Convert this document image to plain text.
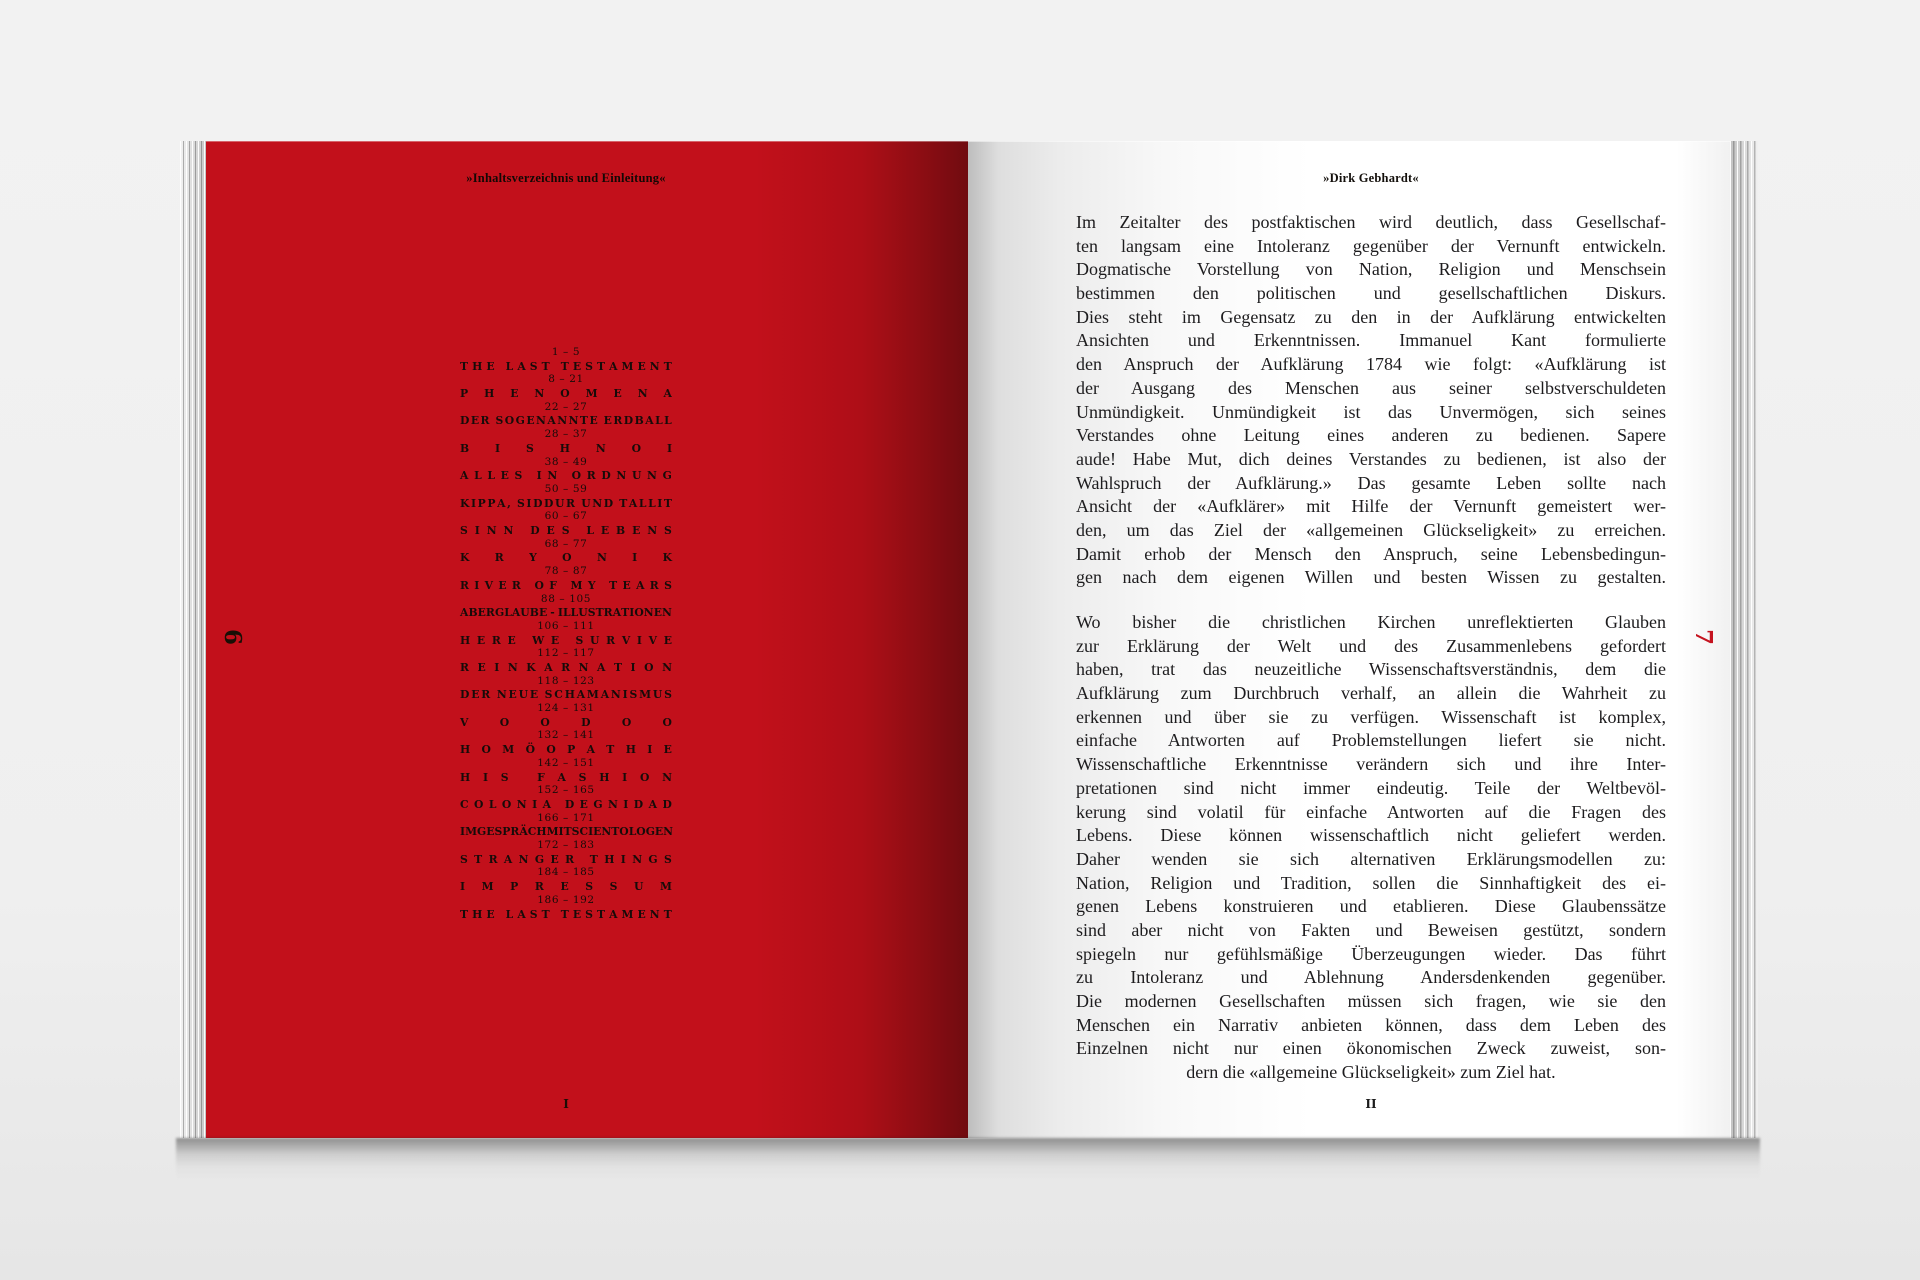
»Inhaltsverzeichnis und Einleitung«
6
1 – 5
T H E L A S T T E S T A M E N T
8 – 21
P H E N O M E N A
22 – 27
D E R S O G E N A N N T E E R D B A L L
28 – 37
B I S H N O I
38 – 49
A L L E S I N O R D N U N G
50 – 59
K I P P A , S I D D U R U N D T A L L I T
60 – 67
S I N N D E S L E B E N S
68 – 77
K R Y O N I K
78 – 87
R I V E R O F M Y T E A R S
88 – 105
A B E R G L A U B E - I L L U S T R A T I O N E N
106 – 111
H E R E W E S U R V I V E
112 – 117
R E I N K A R N A T I O N
118 – 123
D E R N E U E S C H A M A N I S M U S
124 – 131
V	O	O	D	O	O
132 – 141
H O M Ö O P A T H I E
142 – 151
H I S	F A S H I O N
152 – 165
C O L O N I A D E G N I D A D
166 – 171
I M G E S P R Ä C H M I T S C I E N T O L O G E N
172 – 183
S T R A N G E R T H I N G S
184 – 185
I M P R E S S U M
186 – 192
T H E L A S T T E S T A M E N T
I
»Dirk Gebhardt«
7
Im Zeitalter des postfaktischen wird deutlich, dass Gesellschaf-
ten langsam eine Intoleranz gegenüber der Vernunft entwickeln.
Dogmatische Vorstellung von Nation, Religion und Menschsein
bestimmen den politischen und gesellschaftlichen Diskurs.
Dies steht im Gegensatz zu den in der Aufklärung entwickelten
Ansichten und Erkenntnissen. Immanuel Kant formulierte
den Anspruch der Aufklärung 1784 wie folgt: «Aufklärung ist
der Ausgang des Menschen aus seiner selbstverschuldeten
Unmündigkeit. Unmündigkeit ist das Unvermögen, sich seines
Verstandes ohne Leitung eines anderen zu bedienen. Sapere
aude! Habe Mut, dich deines Verstandes zu bedienen, ist also der
Wahlspruch der Aufklärung.» Das gesamte Leben sollte nach
Ansicht der «Aufklärer» mit Hilfe der Vernunft gemeistert wer-
den, um das Ziel der «allgemeinen Glückseligkeit» zu erreichen.
Damit erhob der Mensch den Anspruch, seine Lebensbedingun-
gen nach dem eigenen Willen und besten Wissen zu gestalten.
Wo bisher die christlichen Kirchen unreflektierten Glauben
zur Erklärung der Welt und des Zusammenlebens gefordert
haben, trat das neuzeitliche Wissenschaftsverständnis, dem die
Aufklärung zum Durchbruch verhalf, an allein die Wahrheit zu
erkennen und über sie zu verfügen. Wissenschaft ist komplex,
einfache Antworten auf Problemstellungen liefert sie nicht.
Wissenschaftliche Erkenntnisse verändern sich und ihre Inter-
pretationen sind nicht immer eindeutig. Teile der Weltbevöl-
kerung sind volatil für einfache Antworten auf die Fragen des
Lebens. Diese können wissenschaftlich nicht geliefert werden.
Daher wenden sie sich alternativen Erklärungsmodellen zu:
Nation, Religion und Tradition, sollen die Sinnhaftigkeit des ei-
genen Lebens konstruieren und etablieren. Diese Glaubenssätze
sind aber nicht von Fakten und Beweisen gestützt, sondern
spiegeln nur gefühlsmäßige Überzeugungen wieder. Das führt
zu Intoleranz und Ablehnung Andersdenkenden gegenüber.
Die modernen Gesellschaften müssen sich fragen, wie sie den
Menschen ein Narrativ anbieten können, dass dem Leben des
Einzelnen nicht nur einen ökonomischen Zweck zuweist, son-
dern die «allgemeine Glückseligkeit» zum Ziel hat.
II
